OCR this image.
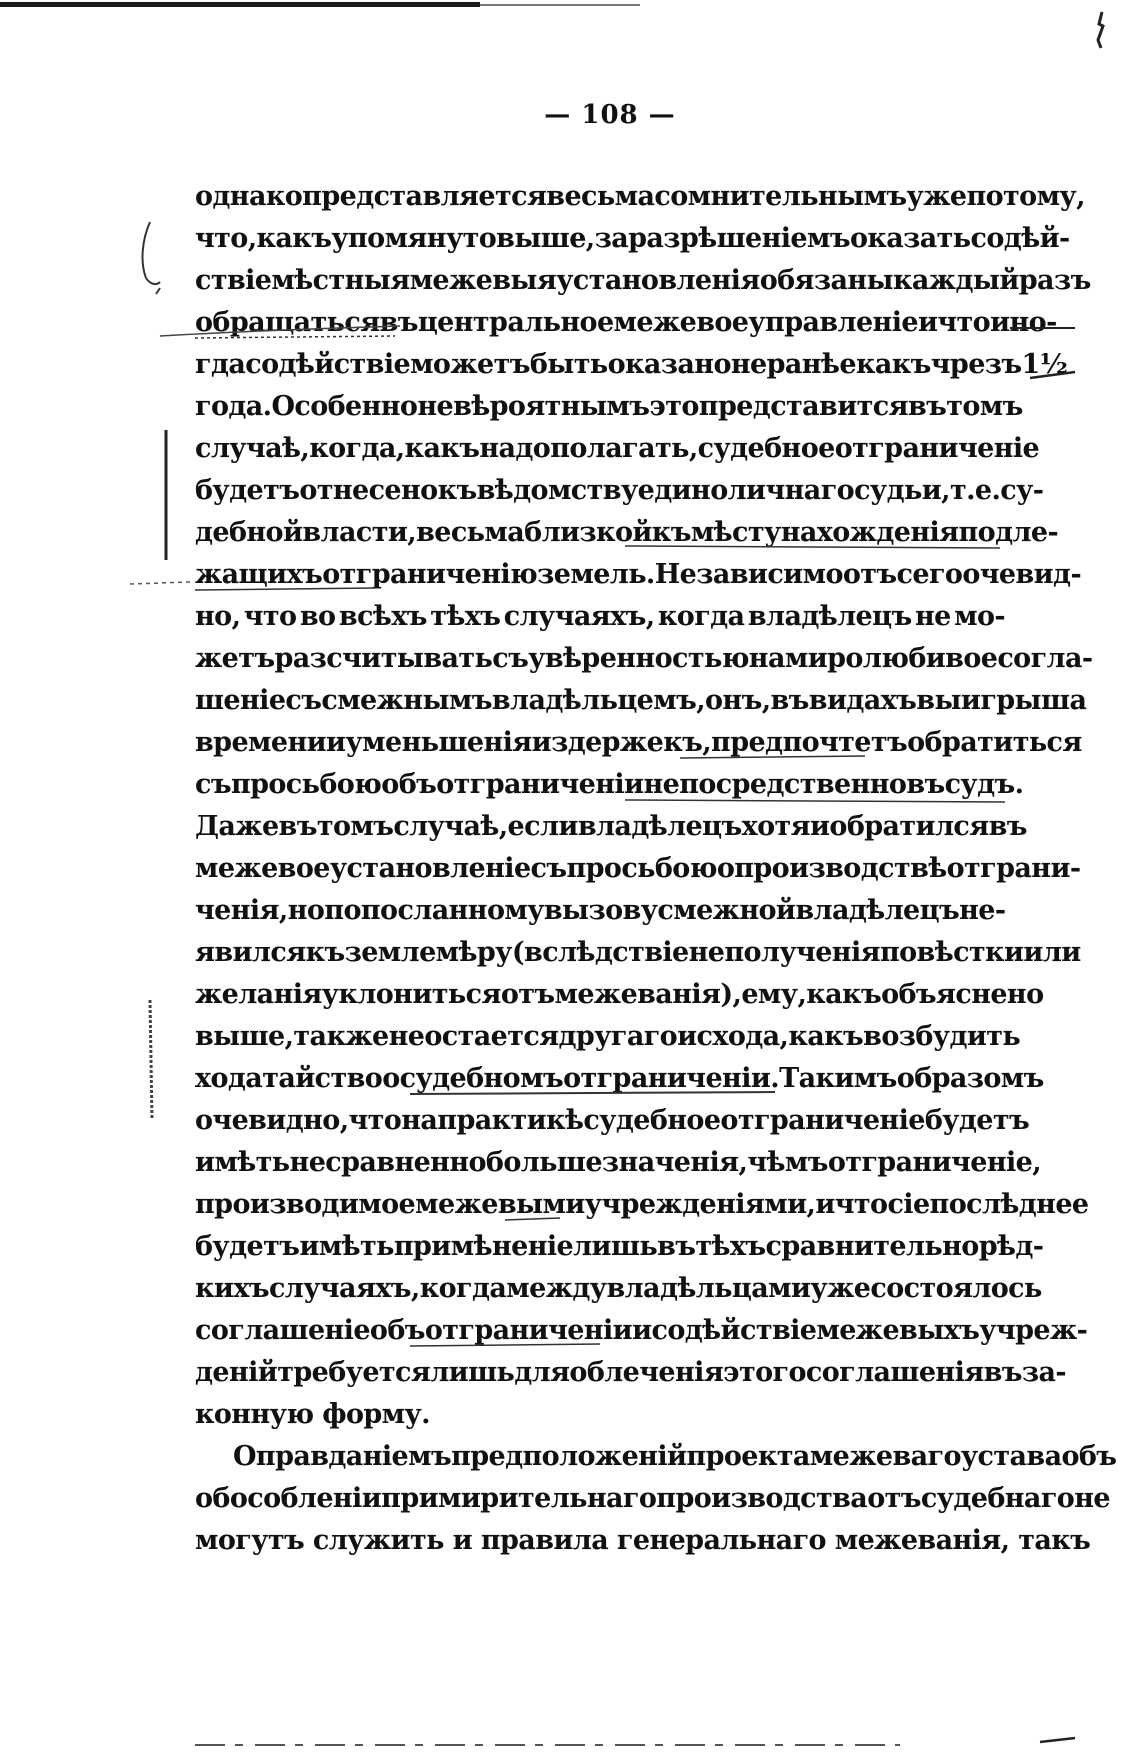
— 108 —
однако представляется весьма сомнительнымъ уже потому,
что, какъ упомянуто выше, за разрѣшеніемъ оказать содѣй-
ствіе мѣстныя межевыя установленія обязаны каждый разъ
обращаться въ центральное межевое управленіе и что ино-
гда содѣйствіе можетъ быть оказано не ранѣе какъ чрезъ 1½
года. Особенно невѣроятнымъ это представится въ томъ
случаѣ, когда, какъ надо полагать, судебное отграниченіе
будетъ отнесено къ вѣдомству единоличнаго судьи, т. е. су-
дебной власти, весьма близкой къ мѣсту нахожденія подле-
жащихъ отграниченію земель. Независимо отъ сего очевид-
но, что во всѣхъ тѣхъ случаяхъ, когда владѣлецъ не мо-
жетъ разсчитывать съ увѣренностью на миролюбивое согла-
шеніе съ смежнымъ владѣльцемъ, онъ, въ видахъ выигрыша
времени и уменьшенія издержекъ, предпочтетъ обратиться
съ просьбою объ отграниченіи непосредственно въ судъ.
Даже въ томъ случаѣ, если владѣлецъ хотя и обратился въ
межевое установленіе съ просьбою о производствѣ отграни-
ченія, но по посланному вызову смежной владѣлецъ не-
явился къ землемѣру (вслѣдствіе неполученія повѣстки или
желанія уклониться отъ межеванія), ему, какъ объяснено
выше, также не остается другаго исхода, какъ возбудить
ходатайство о судебномъ отграниченіи. Такимъ образомъ
очевидно, что на практикѣ судебное отграниченіе будетъ
имѣть несравненно больше значенія, чѣмъ отграниченіе,
производимое межевыми учрежденіями, и что сіе послѣднее
будетъ имѣть примѣненіе лишь въ тѣхъ сравнительно рѣд-
кихъ случаяхъ, когда между владѣльцами уже состоялось
соглашеніе объ отграниченіи и содѣйствіе межевыхъ учреж-
деній требуется лишь для облеченія этого соглашенія въ за-
конную форму.
Оправданіемъ предположеній проекта межеваго устава объ
обособленіи примирительнаго производства отъ судебнаго не
могутъ служить и правила генеральнаго межеванія, такъ
